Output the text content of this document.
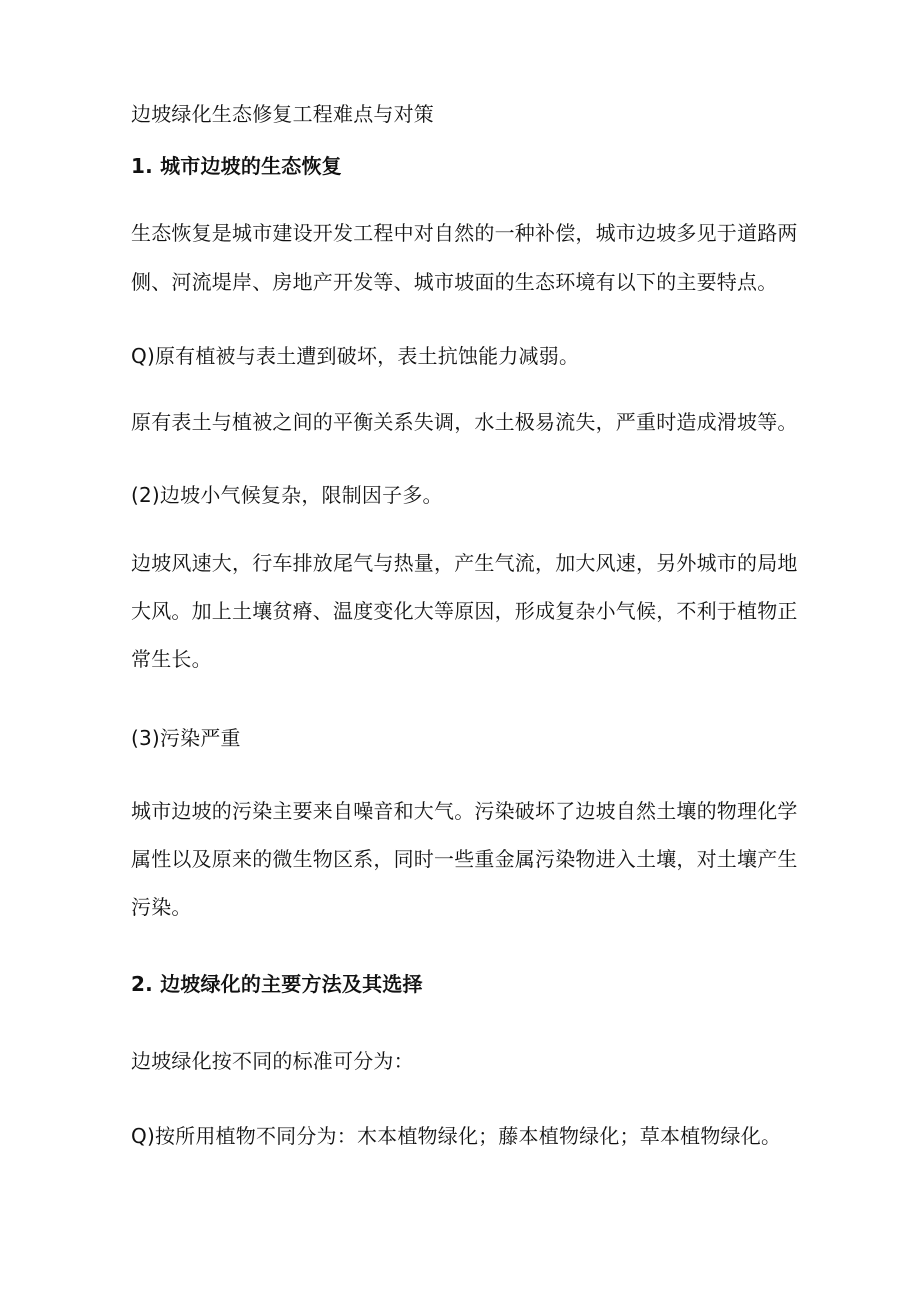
边坡绿化生态修复工程难点与对策

1. 城市边坡的生态恢复

生态恢复是城市建设开发工程中对自然的一种补偿，城市边坡多见于道路两

侧、河流堤岸、房地产开发等、城市坡面的生态环境有以下的主要特点。

Q)原有植被与表土遭到破坏，表土抗蚀能力减弱。

原有表土与植被之间的平衡关系失调，水土极易流失，严重时造成滑坡等。

(2)边坡小气候复杂，限制因子多。

边坡风速大，行车排放尾气与热量，产生气流，加大风速，另外城市的局地

大风。加上土壤贫瘠、温度变化大等原因，形成复杂小气候，不利于植物正

常生长。

(3)污染严重

城市边坡的污染主要来自噪音和大气。污染破坏了边坡自然土壤的物理化学

属性以及原来的微生物区系，同时一些重金属污染物进入土壤，对土壤产生

污染。

2. 边坡绿化的主要方法及其选择

边坡绿化按不同的标准可分为：

Q)按所用植物不同分为：木本植物绿化；藤本植物绿化；草本植物绿化。
